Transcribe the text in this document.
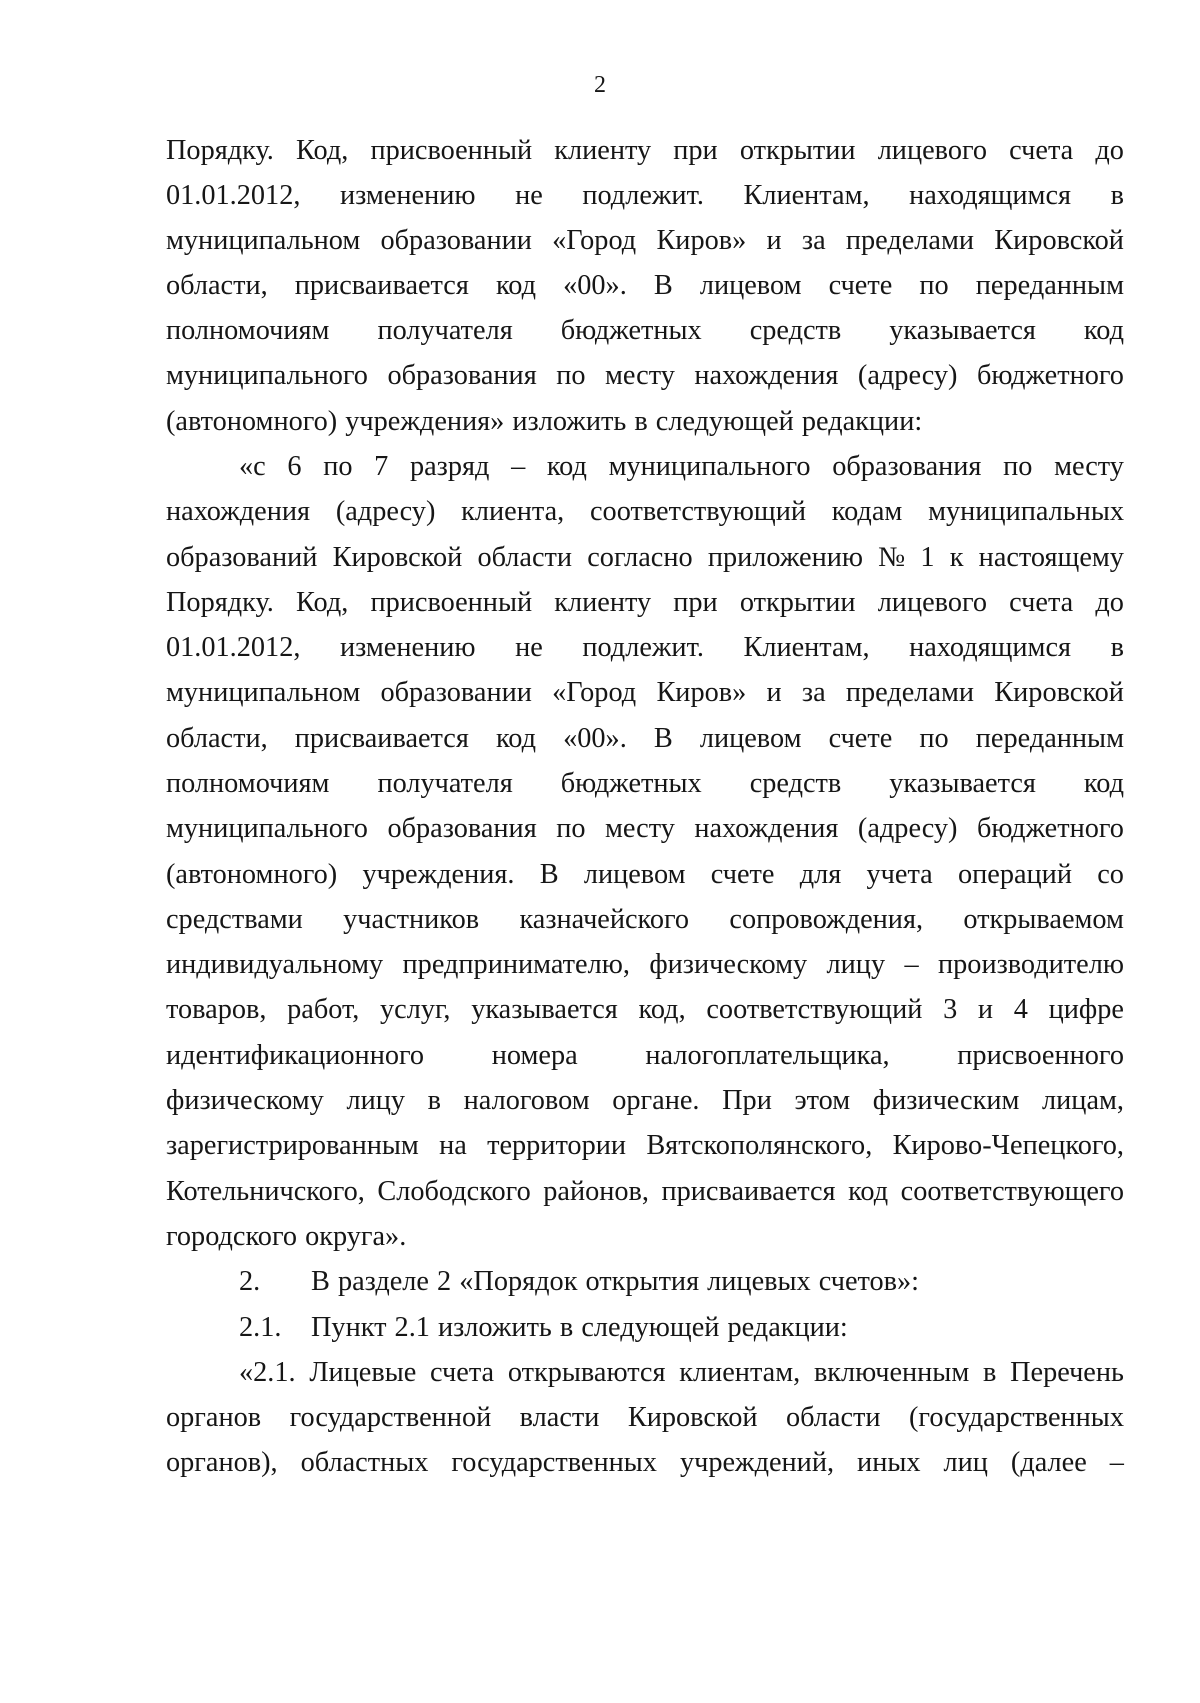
2
Порядку. Код, присвоенный клиенту при открытии лицевого счета до
01.01.2012, изменению не подлежит. Клиентам, находящимся в
муниципальном образовании «Город Киров» и за пределами Кировской
области, присваивается код «00». В лицевом счете по переданным
полномочиям получателя бюджетных средств указывается код
муниципального образования по месту нахождения (адресу) бюджетного
(автономного) учреждения» изложить в следующей редакции:
«с 6 по 7 разряд – код муниципального образования по месту
нахождения (адресу) клиента, соответствующий кодам муниципальных
образований Кировской области согласно приложению № 1 к настоящему
Порядку. Код, присвоенный клиенту при открытии лицевого счета до
01.01.2012, изменению не подлежит. Клиентам, находящимся в
муниципальном образовании «Город Киров» и за пределами Кировской
области, присваивается код «00». В лицевом счете по переданным
полномочиям получателя бюджетных средств указывается код
муниципального образования по месту нахождения (адресу) бюджетного
(автономного) учреждения. В лицевом счете для учета операций со
средствами участников казначейского сопровождения, открываемом
индивидуальному предпринимателю, физическому лицу – производителю
товаров, работ, услуг, указывается код, соответствующий 3 и 4 цифре
идентификационного номера налогоплательщика, присвоенного
физическому лицу в налоговом органе. При этом физическим лицам,
зарегистрированным на территории Вятскополянского, Кирово-Чепецкого,
Котельничского, Слободского районов, присваивается код соответствующего
городского округа».
2. В разделе 2 «Порядок открытия лицевых счетов»:
2.1. Пункт 2.1 изложить в следующей редакции:
«2.1. Лицевые счета открываются клиентам, включенным в Перечень
органов государственной власти Кировской области (государственных
органов), областных государственных учреждений, иных лиц (далее –
